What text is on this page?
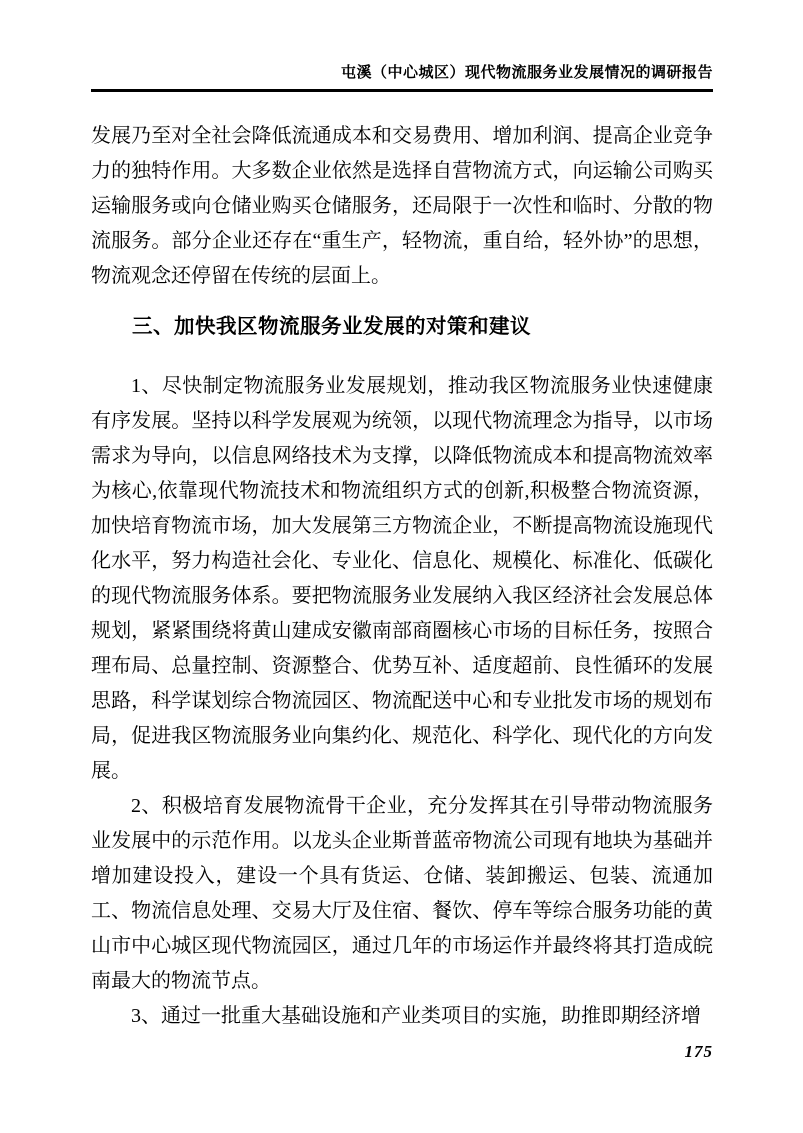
屯溪（中心城区）现代物流服务业发展情况的调研报告

发展乃至对全社会降低流通成本和交易费用、增加利润、提高企业竞争力的独特作用。大多数企业依然是选择自营物流方式，向运输公司购买运输服务或向仓储业购买仓储服务，还局限于一次性和临时、分散的物流服务。部分企业还存在“重生产，轻物流，重自给，轻外协”的思想，物流观念还停留在传统的层面上。

三、加快我区物流服务业发展的对策和建议

1、尽快制定物流服务业发展规划，推动我区物流服务业快速健康有序发展。坚持以科学发展观为统领，以现代物流理念为指导，以市场需求为导向，以信息网络技术为支撑，以降低物流成本和提高物流效率为核心,依靠现代物流技术和物流组织方式的创新,积极整合物流资源，加快培育物流市场，加大发展第三方物流企业，不断提高物流设施现代化水平，努力构造社会化、专业化、信息化、规模化、标准化、低碳化的现代物流服务体系。要把物流服务业发展纳入我区经济社会发展总体规划，紧紧围绕将黄山建成安徽南部商圈核心市场的目标任务，按照合理布局、总量控制、资源整合、优势互补、适度超前、良性循环的发展思路，科学谋划综合物流园区、物流配送中心和专业批发市场的规划布局，促进我区物流服务业向集约化、规范化、科学化、现代化的方向发展。

2、积极培育发展物流骨干企业，充分发挥其在引导带动物流服务业发展中的示范作用。以龙头企业斯普蓝帝物流公司现有地块为基础并增加建设投入，建设一个具有货运、仓储、装卸搬运、包装、流通加工、物流信息处理、交易大厅及住宿、餐饮、停车等综合服务功能的黄山市中心城区现代物流园区，通过几年的市场运作并最终将其打造成皖南最大的物流节点。

3、通过一批重大基础设施和产业类项目的实施，助推即期经济增

175
